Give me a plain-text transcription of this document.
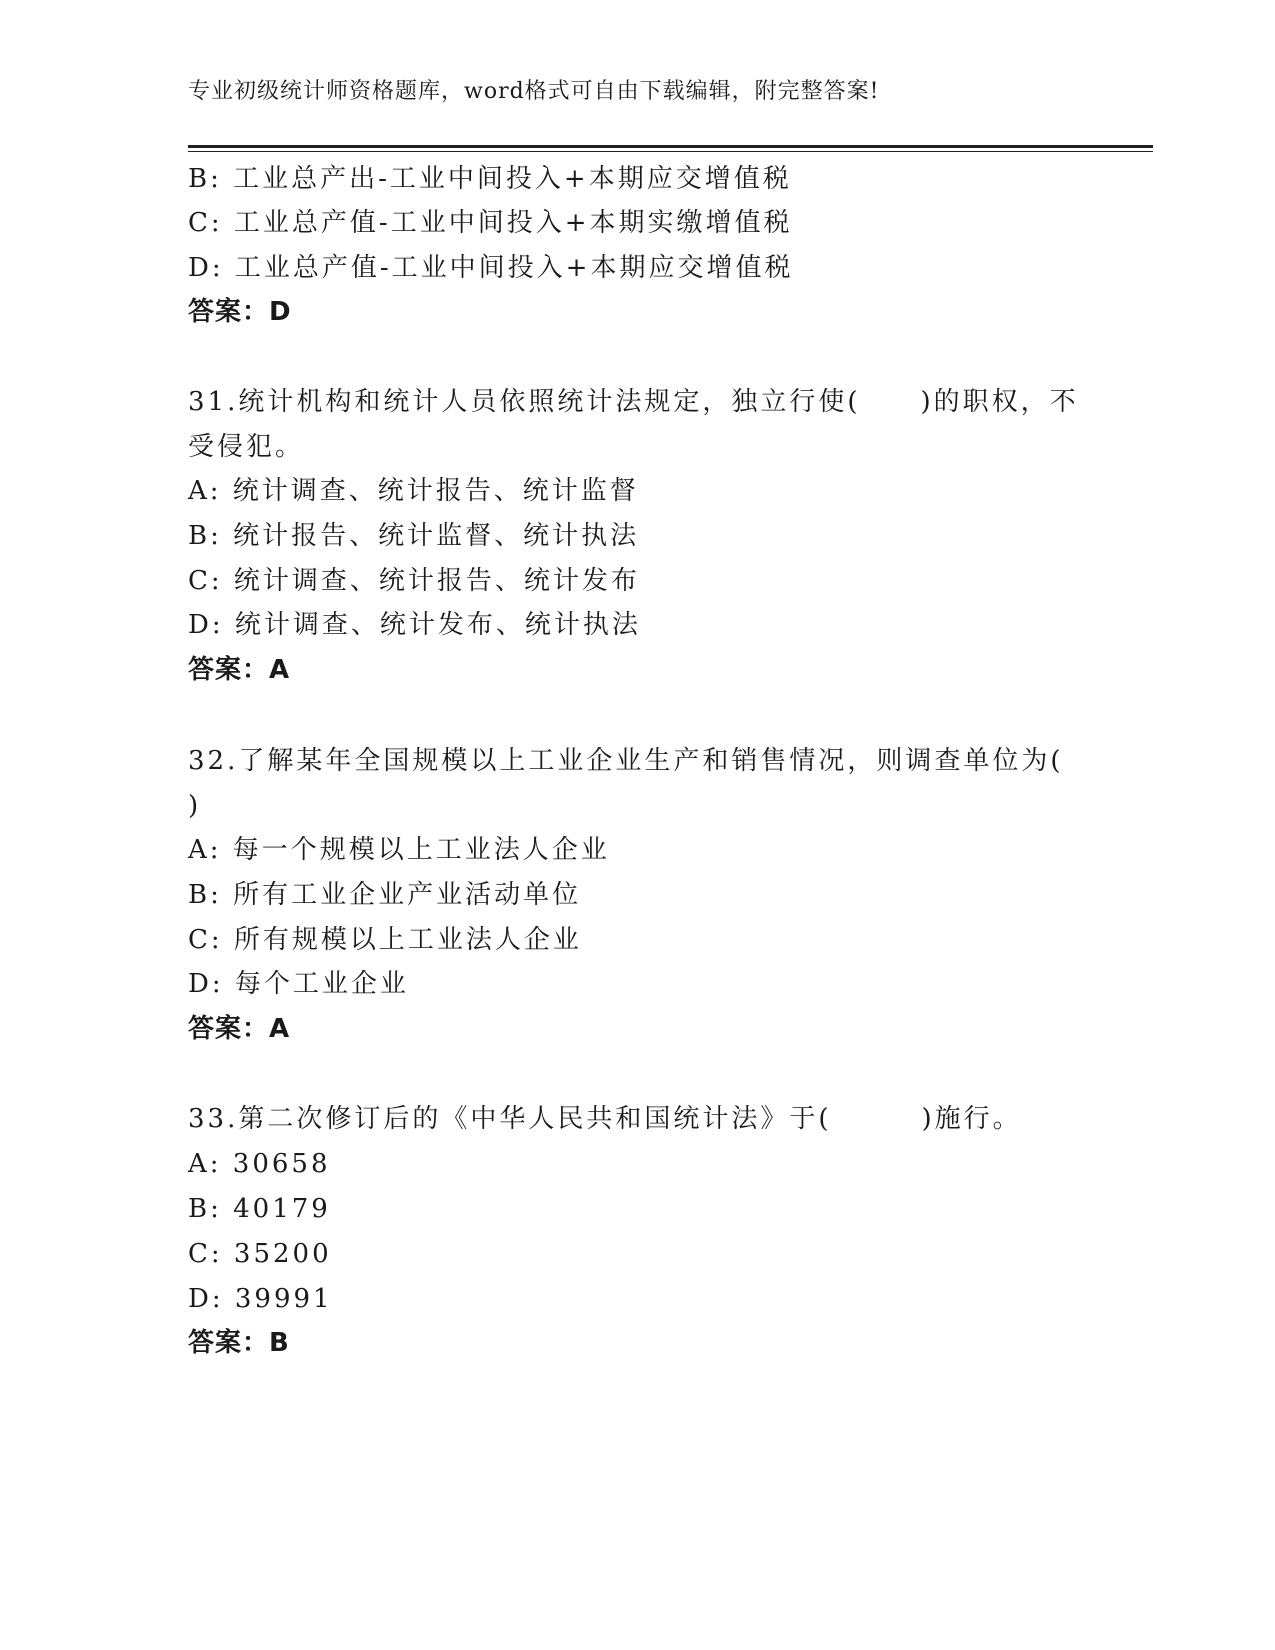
专业初级统计师资格题库，word格式可自由下载编辑，附完整答案!
B: 工业总产出-工业中间投入+本期应交增值税
C: 工业总产值-工业中间投入+本期实缴增值税
D: 工业总产值-工业中间投入+本期应交增值税
答案：D
31.统计机构和统计人员依照统计法规定，独立行使( )的职权，不
受侵犯。
A: 统计调查、统计报告、统计监督
B: 统计报告、统计监督、统计执法
C: 统计调查、统计报告、统计发布
D: 统计调查、统计发布、统计执法
答案：A
32.了解某年全国规模以上工业企业生产和销售情况，则调查单位为(
)
A: 每一个规模以上工业法人企业
B: 所有工业企业产业活动单位
C: 所有规模以上工业法人企业
D: 每个工业企业
答案：A
33.第二次修订后的《中华人民共和国统计法》于(	)施行。
A: 30658
B: 40179
C: 35200
D: 39991
答案：B
